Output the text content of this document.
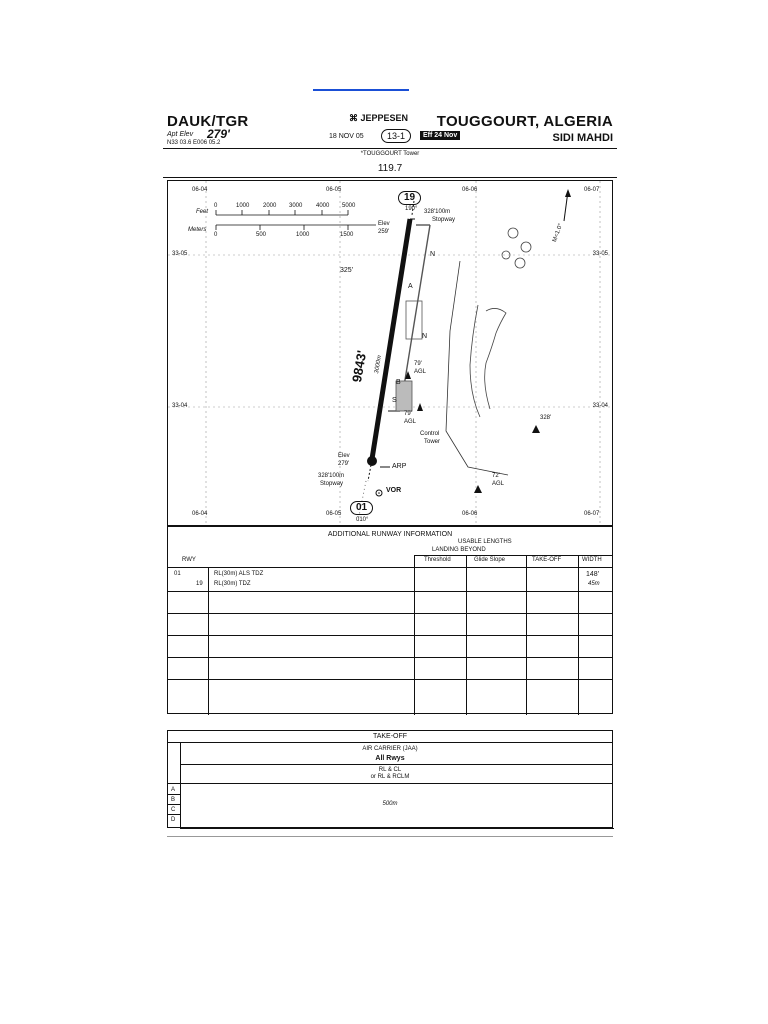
DAUK/TGR
Apt Elev 279'
N33 03.6 E006 05.2
⌘ JEPPESEN
18 NOV 05	13-1	Eff 24 Nov
TOUGGOURT, ALGERIA
SIDI MAHDI
*TOUGGOURT Tower
119.7
06-04	06-05	06-06	06-07
06-04	06-05	06-06	06-07
33-05
33-04
33-05
33-04
Feet
0	1000 2000 3000 4000 5000
Meters
0	500	1000	1500
19
190° 328'100m
Stopway
Elev
259'
325'
9843' 3000m
A
B
S
N
N
79'
AGL
79'
AGL
72'
AGL
328'
Control
Tower
Elev
279'	ARP
328'100m
Stopway
VOR
01
010°
M=1.0°
ADDITIONAL RUNWAY INFORMATION
USABLE LENGTHS
LANDING BEYOND
RWY	Threshold	Glide Slope	TAKE-OFF	WIDTH
01	RL(30m) ALS TDZ	148'
19 RL(30m) TDZ	45m
TAKE-OFF
AIR CARRIER (JAA)
All Rwys
RL & CL
or RL & RCLM
A
B
C
D
500m
